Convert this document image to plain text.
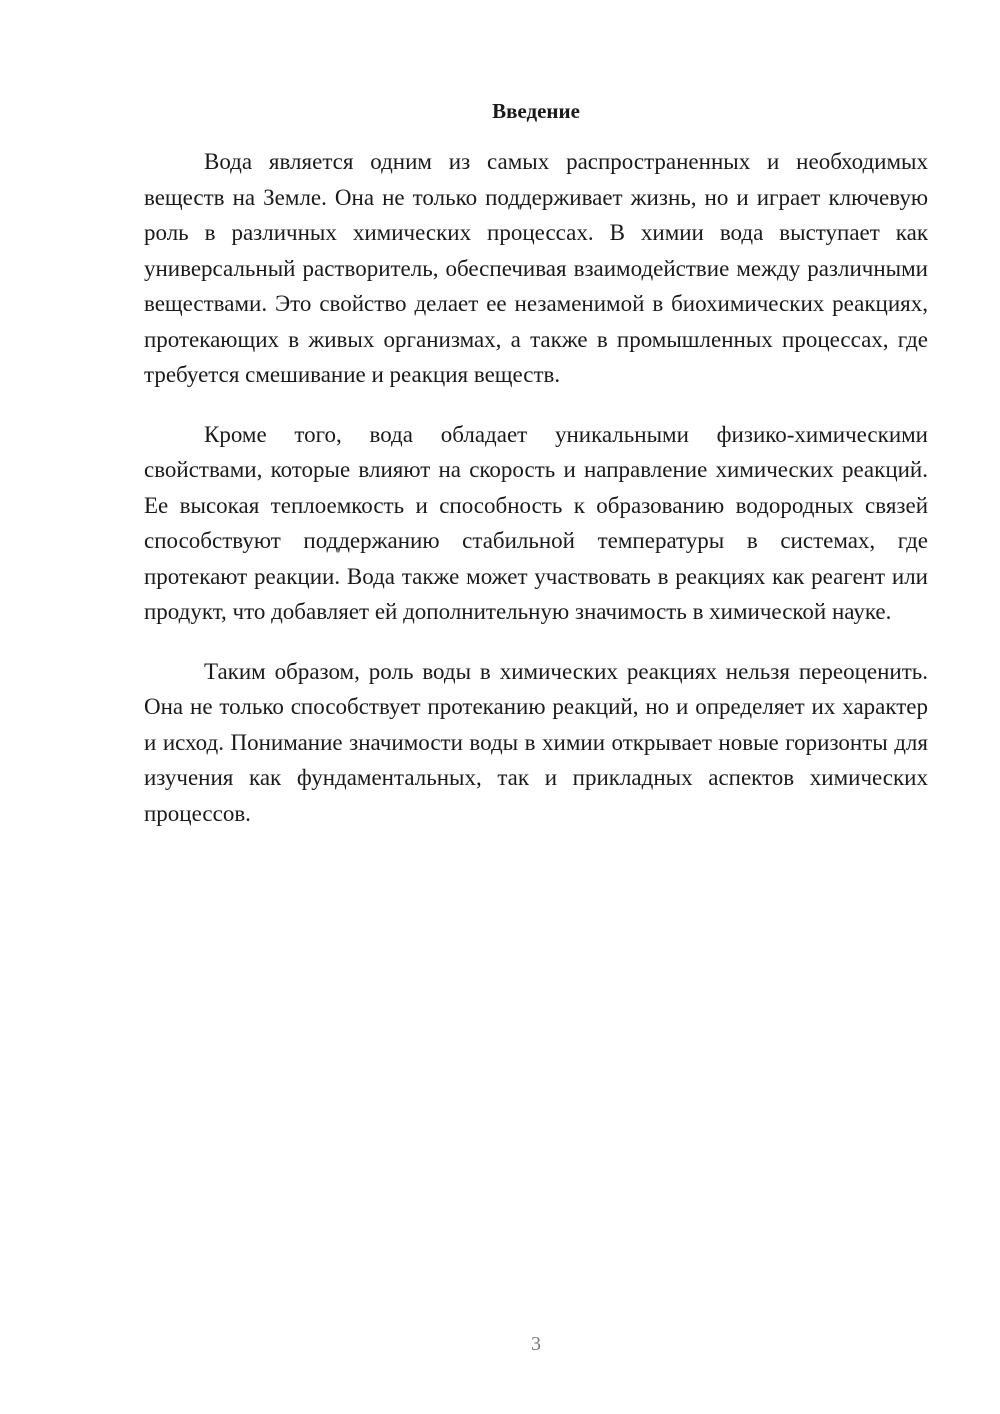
Введение

Вода является одним из самых распространенных и необходимых веществ на Земле. Она не только поддерживает жизнь, но и играет ключевую роль в различных химических процессах. В химии вода выступает как универсальный растворитель, обеспечивая взаимодействие между различными веществами. Это свойство делает ее незаменимой в биохимических реакциях, протекающих в живых организмах, а также в промышленных процессах, где требуется смешивание и реакция веществ.

Кроме того, вода обладает уникальными физико-химическими свойствами, которые влияют на скорость и направление химических реакций. Ее высокая теплоемкость и способность к образованию водородных связей способствуют поддержанию стабильной температуры в системах, где протекают реакции. Вода также может участвовать в реакциях как реагент или продукт, что добавляет ей дополнительную значимость в химической науке.

Таким образом, роль воды в химических реакциях нельзя переоценить. Она не только способствует протеканию реакций, но и определяет их характер и исход. Понимание значимости воды в химии открывает новые горизонты для изучения как фундаментальных, так и прикладных аспектов химических процессов.

3
